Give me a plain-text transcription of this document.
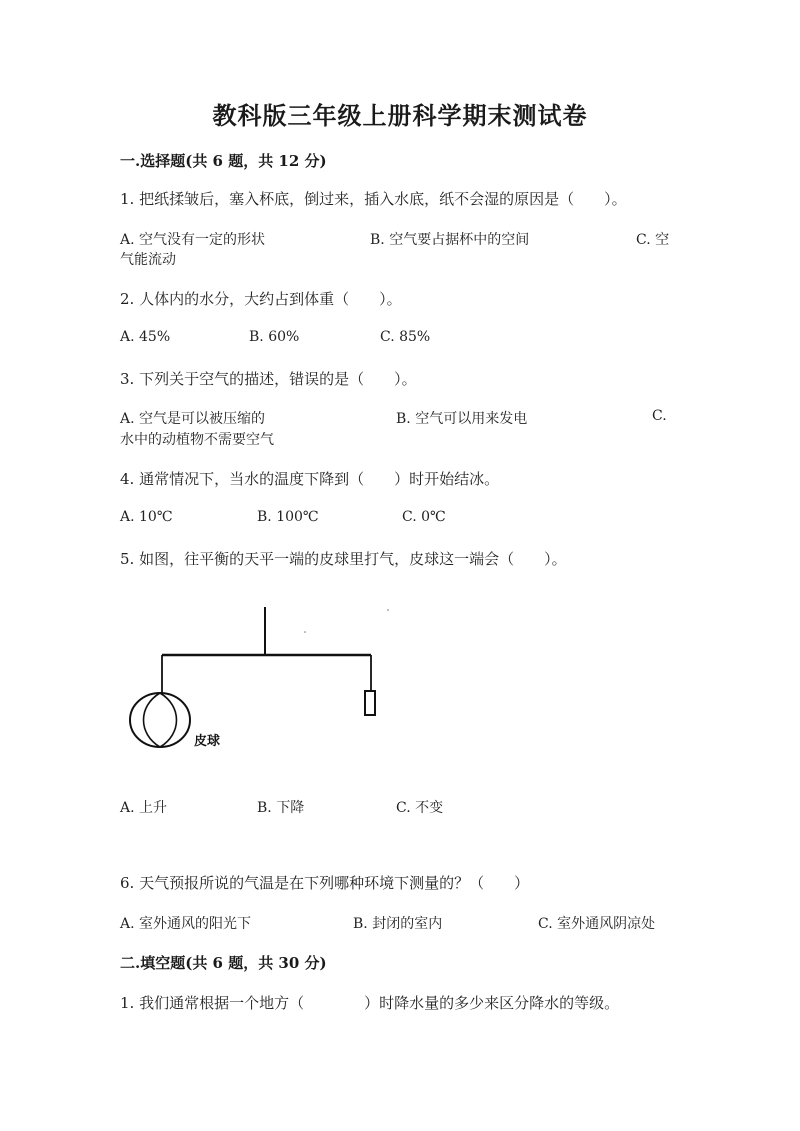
教科版三年级上册科学期末测试卷
一.选择题(共 6 题，共 12 分)
1. 把纸揉皱后，塞入杯底，倒过来，插入水底，纸不会湿的原因是（　　）。
A. 空气没有一定的形状	B. 空气要占据杯中的空间	C. 空
气能流动
2. 人体内的水分，大约占到体重（　　）。
A. 45%	B. 60%	C. 85%
3. 下列关于空气的描述，错误的是（　　）。
A. 空气是可以被压缩的	B. 空气可以用来发电	C.
水中的动植物不需要空气
4. 通常情况下，当水的温度下降到（　　）时开始结冰。
A. 10℃	B. 100℃	C. 0℃
5. 如图，往平衡的天平一端的皮球里打气，皮球这一端会（　　）。
皮球
A. 上升	B. 下降	C. 不变
6. 天气预报所说的气温是在下列哪种环境下测量的？（　　）
A. 室外通风的阳光下	B. 封闭的室内	C. 室外通风阴凉处
二.填空题(共 6 题，共 30 分)
1. 我们通常根据一个地方（　　　　）时降水量的多少来区分降水的等级。
